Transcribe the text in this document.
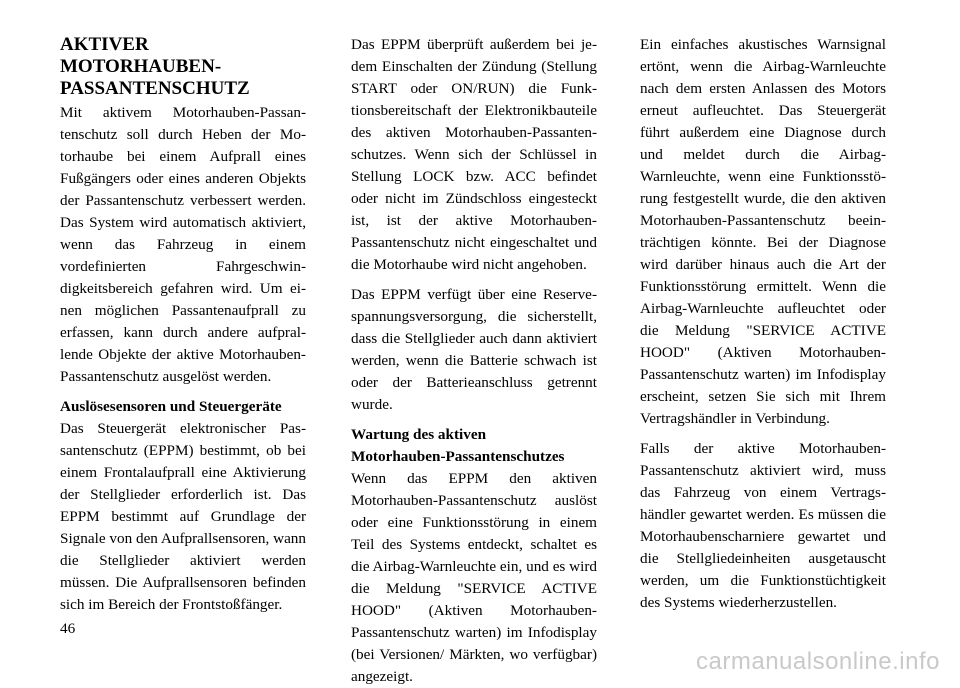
AKTIVER
MOTORHAUBEN-
PASSANTENSCHUTZ

Mit aktivem Motorhauben-Passantenschutz soll durch Heben der Motorhaube bei einem Aufprall eines Fußgängers oder eines anderen Objekts der Passantenschutz verbessert werden. Das System wird automatisch aktiviert, wenn das Fahrzeug in einem vordefinierten Fahrgeschwindigkeitsbereich gefahren wird. Um einen möglichen Passantenaufprall zu erfassen, kann durch andere aufprallende Objekte der aktive Motorhauben-Passantenschutz ausgelöst werden.

Auslösesensoren und Steuergeräte

Das Steuergerät elektronischer Passantenschutz (EPPM) bestimmt, ob bei einem Frontalaufprall eine Aktivierung der Stellglieder erforderlich ist. Das EPPM bestimmt auf Grundlage der Signale von den Aufprallsensoren, wann die Stellglieder aktiviert werden müssen. Die Aufprallsensoren befinden sich im Bereich der Frontstoßfänger.

Das EPPM überprüft außerdem bei jedem Einschalten der Zündung (Stellung START oder ON/RUN) die Funktionsbereitschaft der Elektronikbauteile des aktiven Motorhauben-Passantenschutzes. Wenn sich der Schlüssel in Stellung LOCK bzw. ACC befindet oder nicht im Zündschloss eingesteckt ist, ist der aktive Motorhauben-Passantenschutz nicht eingeschaltet und die Motorhaube wird nicht angehoben.

Das EPPM verfügt über eine Reservespannungsversorgung, die sicherstellt, dass die Stellglieder auch dann aktiviert werden, wenn die Batterie schwach ist oder der Batterieanschluss getrennt wurde.

Wartung des aktiven
Motorhauben-Passantenschutzes

Wenn das EPPM den aktiven Motorhauben-Passantenschutz auslöst oder eine Funktionsstörung in einem Teil des Systems entdeckt, schaltet es die Airbag-Warnleuchte ein, und es wird die Meldung "SERVICE ACTIVE HOOD" (Aktiven Motorhauben-Passantenschutz warten) im Infodisplay (bei Versionen/ Märkten, wo verfügbar) angezeigt.

Ein einfaches akustisches Warnsignal ertönt, wenn die Airbag-Warnleuchte nach dem ersten Anlassen des Motors erneut aufleuchtet. Das Steuergerät führt außerdem eine Diagnose durch und meldet durch die Airbag-Warnleuchte, wenn eine Funktionsstörung festgestellt wurde, die den aktiven Motorhauben-Passantenschutz beeinträchtigen könnte. Bei der Diagnose wird darüber hinaus auch die Art der Funktionsstörung ermittelt. Wenn die Airbag-Warnleuchte aufleuchtet oder die Meldung "SERVICE ACTIVE HOOD" (Aktiven Motorhauben-Passantenschutz warten) im Infodisplay erscheint, setzen Sie sich mit Ihrem Vertragshändler in Verbindung.

Falls der aktive Motorhauben-Passantenschutz aktiviert wird, muss das Fahrzeug von einem Vertragshändler gewartet werden. Es müssen die Motorhaubenscharniere gewartet und die Stellgliedeinheiten ausgetauscht werden, um die Funktionstüchtigkeit des Systems wiederherzustellen.

46
carmanualsonline.info
